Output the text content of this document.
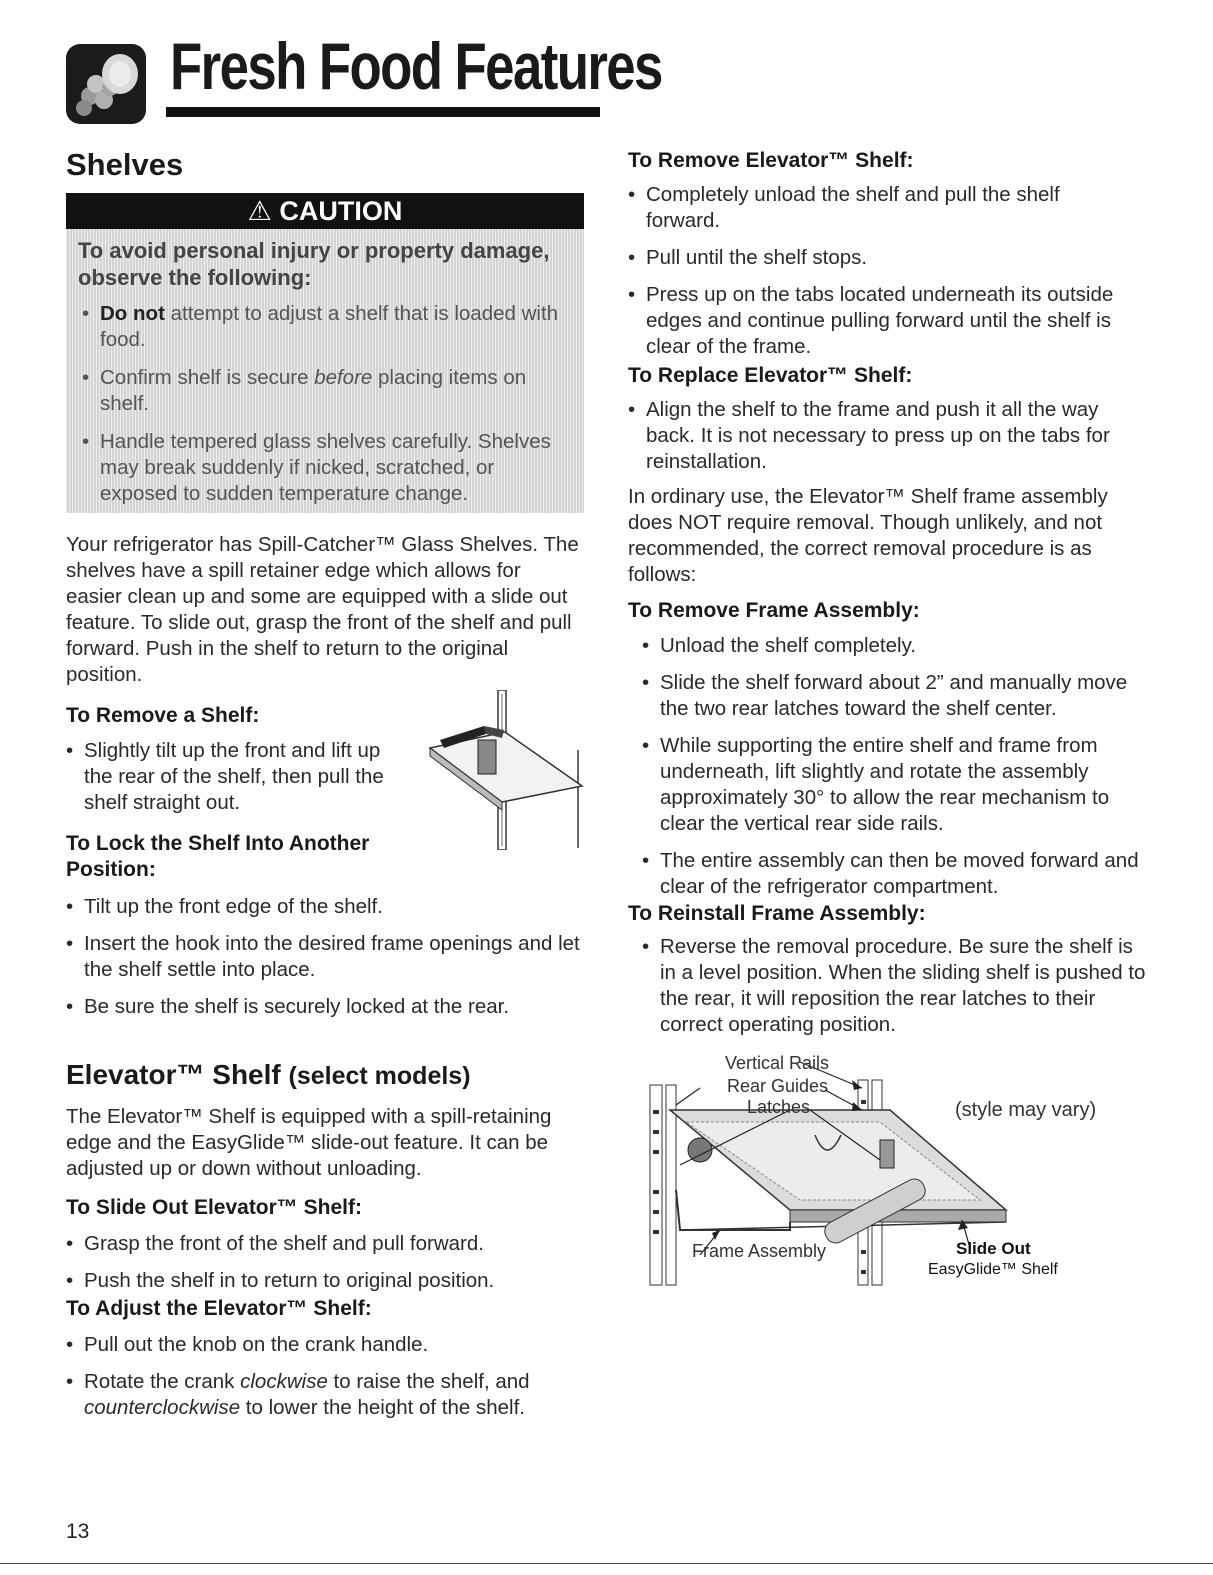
Fresh Food Features
Shelves
⚠ CAUTION

To avoid personal injury or property damage, observe the following:

• Do not attempt to adjust a shelf that is loaded with food.
• Confirm shelf is secure before placing items on shelf.
• Handle tempered glass shelves carefully. Shelves may break suddenly if nicked, scratched, or exposed to sudden temperature change.

Your refrigerator has Spill-Catcher™ Glass Shelves. The shelves have a spill retainer edge which allows for easier clean up and some are equipped with a slide out feature. To slide out, grasp the front of the shelf and pull forward. Push in the shelf to return to the original position.

To Remove a Shelf:

• Slightly tilt up the front and lift up the rear of the shelf, then pull the shelf straight out.

To Lock the Shelf Into Another Position:

• Tilt up the front edge of the shelf.
• Insert the hook into the desired frame openings and let the shelf settle into place.
• Be sure the shelf is securely locked at the rear.
Elevator™ Shelf (select models)

The Elevator™ Shelf is equipped with a spill-retaining edge and the EasyGlide™ slide-out feature. It can be adjusted up or down without unloading.

To Slide Out Elevator™ Shelf:

• Grasp the front of the shelf and pull forward.
• Push the shelf in to return to original position.

To Adjust the Elevator™ Shelf:

• Pull out the knob on the crank handle.
• Rotate the crank clockwise to raise the shelf, and counterclockwise to lower the height of the shelf.

To Remove Elevator™ Shelf:

• Completely unload the shelf and pull the shelf forward.
• Pull until the shelf stops.
• Press up on the tabs located underneath its outside edges and continue pulling forward until the shelf is clear of the frame.

To Replace Elevator™ Shelf:

• Align the shelf to the frame and push it all the way back. It is not necessary to press up on the tabs for reinstallation.

In ordinary use, the Elevator™ Shelf frame assembly does NOT require removal. Though unlikely, and not recommended, the correct removal procedure is as follows:

To Remove Frame Assembly:

• Unload the shelf completely.
• Slide the shelf forward about 2” and manually move the two rear latches toward the shelf center.
• While supporting the entire shelf and frame from underneath, lift slightly and rotate the assembly approximately 30° to allow the rear mechanism to clear the vertical rear side rails.
• The entire assembly can then be moved forward and clear of the refrigerator compartment.

To Reinstall Frame Assembly:

• Reverse the removal procedure. Be sure the shelf is in a level position. When the sliding shelf is pushed to the rear, it will reposition the rear latches to their correct operating position.
Vertical Rails
Rear Guides
Latches	(style may vary)
Frame Assembly	Slide Out
EasyGlide™ Shelf
13
